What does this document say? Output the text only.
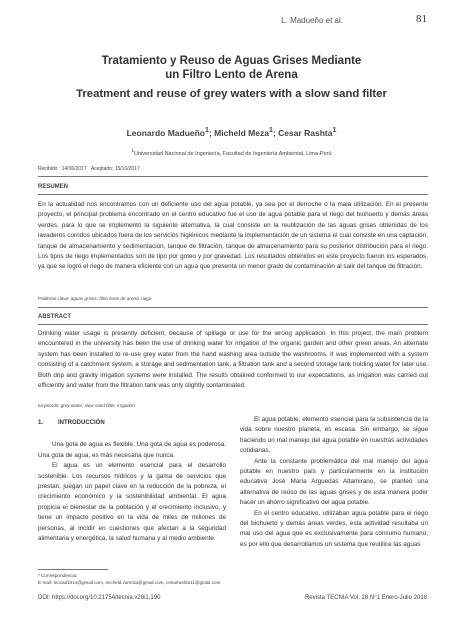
L. Madueño et al.	81
Tratamiento y Reuso de Aguas Grises Mediante
un Filtro Lento de Arena
Treatment and reuse of grey waters with a slow sand filter
Leonardo Madueño$^1$; Micheld Meza$^1$; Cesar Rashta$^1$
$^1$Universidad Nacional de Ingeniería, Facultad de Ingeniería Ambiental, Lima-Perú
Recibido : 14/06/2017 Aceptado: 15/10/2017
RESUMEN
En la actualidad nos encontramos con un deficiente uso del agua potable, ya sea por el derroche o la mala utilización. En el presente proyecto, el principal problema encontrado en el centro educativo fue el uso de agua potable para el riego del biohuerto y demás áreas verdes, para lo que se implementó la siguiente alternativa, la cual consiste en la reutilización de las aguas grises obtenidas de los lavaderos corridos ubicados fuera de los servicios higiénicos mediante la implementación de un sistema el cual consiste en una captación, tanque de almacenamiento y sedimentación, tanque de filtración, tanque de almacenamiento para su posterior distribución para el riego. Los tipos de riego implementados son de tipo por goteo y por gravedad. Los resultados obtenidos en este proyecto fueron los esperados, ya que se logró el riego de manera eficiente con un agua que presenta un menor grado de contaminación al salir del tanque de filtración.
Palabras clave: aguas grises, filtro lento de arena, riego
ABSTRACT
Drinking water usage is presently deficient, because of spillage or use for the wrong application. In this project, the main problem encountered in the university has been the use of drinking water for irrigation of the organic garden and other green areas. An alternate system has been installed to re-use grey water from the hand washing area outside the washrooms. It was implemented with a system consisting of a catchment system, a storage and sedimentation tank, a filtration tank and a second storage tank holding water for later use. Both drip and gravity irrigation systems were installed. The results obtained conformed to our expectations, as irrigation was carried out efficiently and water from the filtration tank was only slightly contaminated.
Keywords: grey water, slow sand filter, irrigation
1. INTRODUCCIÓN

Una gota de agua es flexible. Una gota de agua es poderosa. Una gota de agua, es más necesaria que nunca.

El agua es un elemento esencial para el desarrollo sostenible. Los recursos hídricos y la gama de servicios que prestan, juegan un papel clave en la reducción de la pobreza, el crecimiento económico y la sostenibilidad ambiental. El agua propicia el bienestar de la población y el crecimiento inclusivo, y tiene un impacto positivo en la vida de miles de millones de personas, al incidir en cuestiones que afectan a la seguridad alimentaria y energética, la salud humana y al medio ambiente.

El agua potable, elemento esencial para la subsistencia de la vida sobre nuestro planeta, es escasa. Sin embargo, se sigue haciendo un mal manejo del agua potable en nuestras actividades cotidianas.

Ante la constante problemática del mal manejo del agua potable en nuestro país y particularmente en la institución educativa José María Arguedas Altamirano, se planteó una alternativa de reúso de las aguas grises y de esta manera poder hacer un ahorro significativo del agua potable.

En el centro educativo, utilizaban agua potable para el riego del biohuerto y demás áreas verdes, esta actividad resultaba un mal uso del agua que es exclusivamente para consumo humano; es por ello que desarrollamos un sistema que reutilice las aguas

* Correspondencia:
E-mail: leocad1014@gmail.com, micheld.zanrota@gmail.com, cesarrashta11@gmail.com
DOI: https://doi.org/10.21754/tecnia.v28i1.190	Revista TECNIA Vol. 28 N°1 Enero-Julio 2018
